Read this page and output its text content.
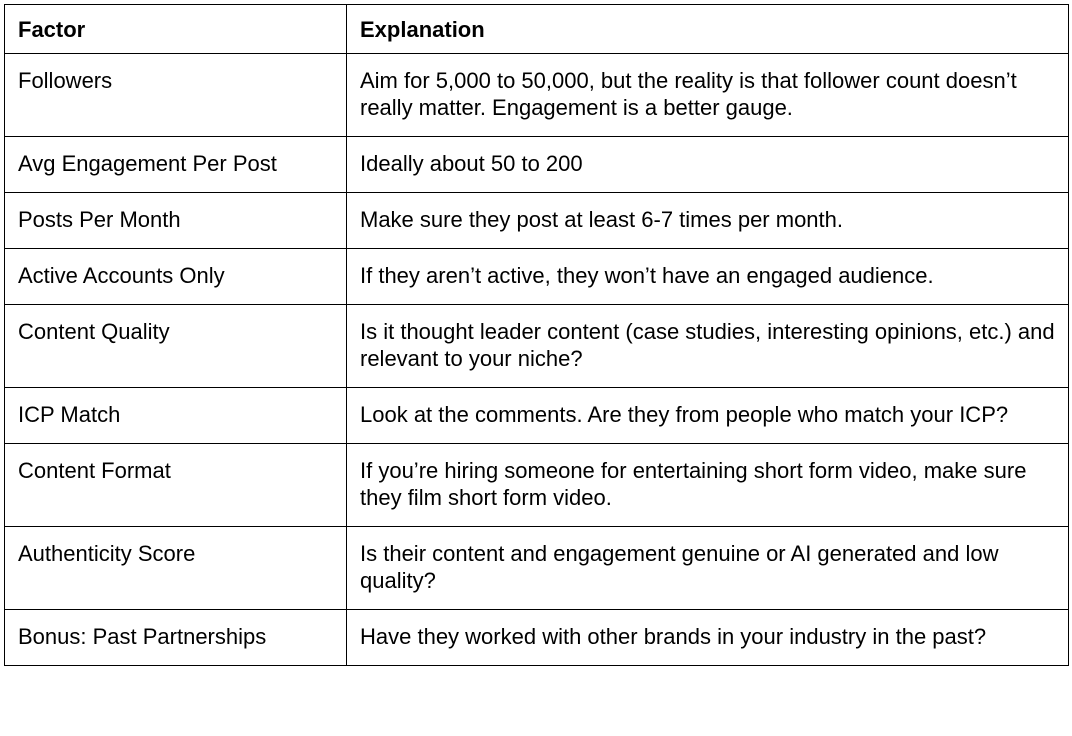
Factor	Explanation
Followers	Aim for 5,000 to 50,000, but the reality is that follower count doesn’t really matter. Engagement is a better gauge.
Avg Engagement Per Post	Ideally about 50 to 200
Posts Per Month	Make sure they post at least 6-7 times per month.
Active Accounts Only	If they aren’t active, they won’t have an engaged audience.
Content Quality	Is it thought leader content (case studies, interesting opinions, etc.) and relevant to your niche?
ICP Match	Look at the comments. Are they from people who match your ICP?
Content Format	If you’re hiring someone for entertaining short form video, make sure they film short form video.
Authenticity Score	Is their content and engagement genuine or AI generated and low quality?
Bonus: Past Partnerships	Have they worked with other brands in your industry in the past?
